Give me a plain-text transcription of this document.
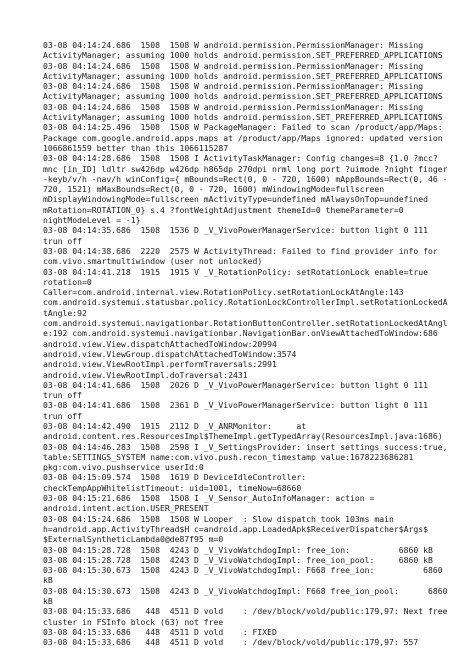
03-08 04:14:24.686  1508  1508 W android.permission.PermissionManager: Missing
ActivityManager; assuming 1000 holds android.permission.SET_PREFERRED_APPLICATIONS
03-08 04:14:24.686  1508  1508 W android.permission.PermissionManager: Missing
ActivityManager; assuming 1000 holds android.permission.SET_PREFERRED_APPLICATIONS
03-08 04:14:24.686  1508  1508 W android.permission.PermissionManager: Missing
ActivityManager; assuming 1000 holds android.permission.SET_PREFERRED_APPLICATIONS
03-08 04:14:24.686  1508  1508 W android.permission.PermissionManager: Missing
ActivityManager; assuming 1000 holds android.permission.SET_PREFERRED_APPLICATIONS
03-08 04:14:25.496  1508  1508 W PackageManager: Failed to scan /product/app/Maps:
Package com.google.android.apps.maps at /product/app/Maps ignored: updated version
1066861559 better than this 1066115287
03-08 04:14:28.686  1508  1508 I ActivityTaskManager: Config changes=8 {1.0 ?mcc?
mnc [in_ID] ldltr sw426dp w426dp h865dp 270dpi nrml long port ?uimode ?night finger
-keyb/v/h -nav/h winConfig={ mBounds=Rect(0, 0 - 720, 1600) mAppBounds=Rect(0, 46 -
720, 1521) mMaxBounds=Rect(0, 0 - 720, 1600) mWindowingMode=fullscreen
mDisplayWindowingMode=fullscreen mActivityType=undefined mAlwaysOnTop=undefined
mRotation=ROTATION_0} s.4 ?fontWeightAdjustment themeId=0 themeParameter=0
nightModeLevel = -1}
03-08 04:14:35.686  1508  1536 D _V_VivoPowerManagerService: button light 0 111
trun off
03-08 04:14:38.686  2220  2575 W ActivityThread: Failed to find provider info for
com.vivo.smartmultiwindow (user not unlocked)
03-08 04:14:41.218  1915  1915 V _V_RotationPolicy: setRotationLock enable=true
rotation=0
Caller=com.android.internal.view.RotationPolicy.setRotationLockAtAngle:143
com.android.systemui.statusbar.policy.RotationLockControllerImpl.setRotationLockedA
tAngle:92
com.android.systemui.navigationbar.RotationButtonController.setRotationLockedAtAngl
e:192 com.android.systemui.navigationbar.NavigationBar.onViewAttachedToWindow:686
android.view.View.dispatchAttachedToWindow:20994
android.view.ViewGroup.dispatchAttachedToWindow:3574
android.view.ViewRootImpl.performTraversals:2991
android.view.ViewRootImpl.doTraversal:2431
03-08 04:14:41.686  1508  2026 D _V_VivoPowerManagerService: button light 0 111
trun off
03-08 04:14:41.686  1508  2361 D _V_VivoPowerManagerService: button light 0 111
trun off
03-08 04:14:42.490  1915  2112 D _V_ANRMonitor:     at
android.content.res.ResourcesImpl$ThemeImpl.getTypedArray(ResourcesImpl.java:1686)
03-08 04:14:46.283  1508  2598 I _V_SettingsProvider: insert settings success:true,
table:SETTINGS_SYSTEM name:com.vivo.push.recon_timestamp value:1678223686281
pkg:com.vivo.pushservice userId:0
03-08 04:15:09.574  1508  1619 D DeviceIdleController:
checkTempAppWhitelistTimeout: uid=1001, timeNow=68660
03-08 04:15:21.686  1508  1508 I _V_Sensor_AutoInfoManager: action =
android.intent.action.USER_PRESENT
03-08 04:15:24.686  1508  1508 W Looper  : Slow dispatch took 103ms main
h=android.app.ActivityThread$H c=android.app.LoadedApk$ReceiverDispatcher$Args$
$ExternalSyntheticLambda0@de87f95 m=0
03-08 04:15:28.728  1508  4243 D _V_VivoWatchdogImpl: free_ion:          6860 kB
03-08 04:15:28.728  1508  4243 D _V_VivoWatchdogImpl: free_ion_pool:     6860 kB
03-08 04:15:30.673  1508  4243 D _V_VivoWatchdogImpl: F668 free_ion:          6860
kB
03-08 04:15:30.673  1508  4243 D _V_VivoWatchdogImpl: F668 free_ion_pool:      6860
kB
03-08 04:15:33.686   448  4511 D vold    : /dev/block/vold/public:179,97: Next free
cluster in FSInfo block (63) not free
03-08 04:15:33.686   448  4511 D vold    : FIXED
03-08 04:15:33.686   448  4511 D vold    : /dev/block/vold/public:179,97: 557
